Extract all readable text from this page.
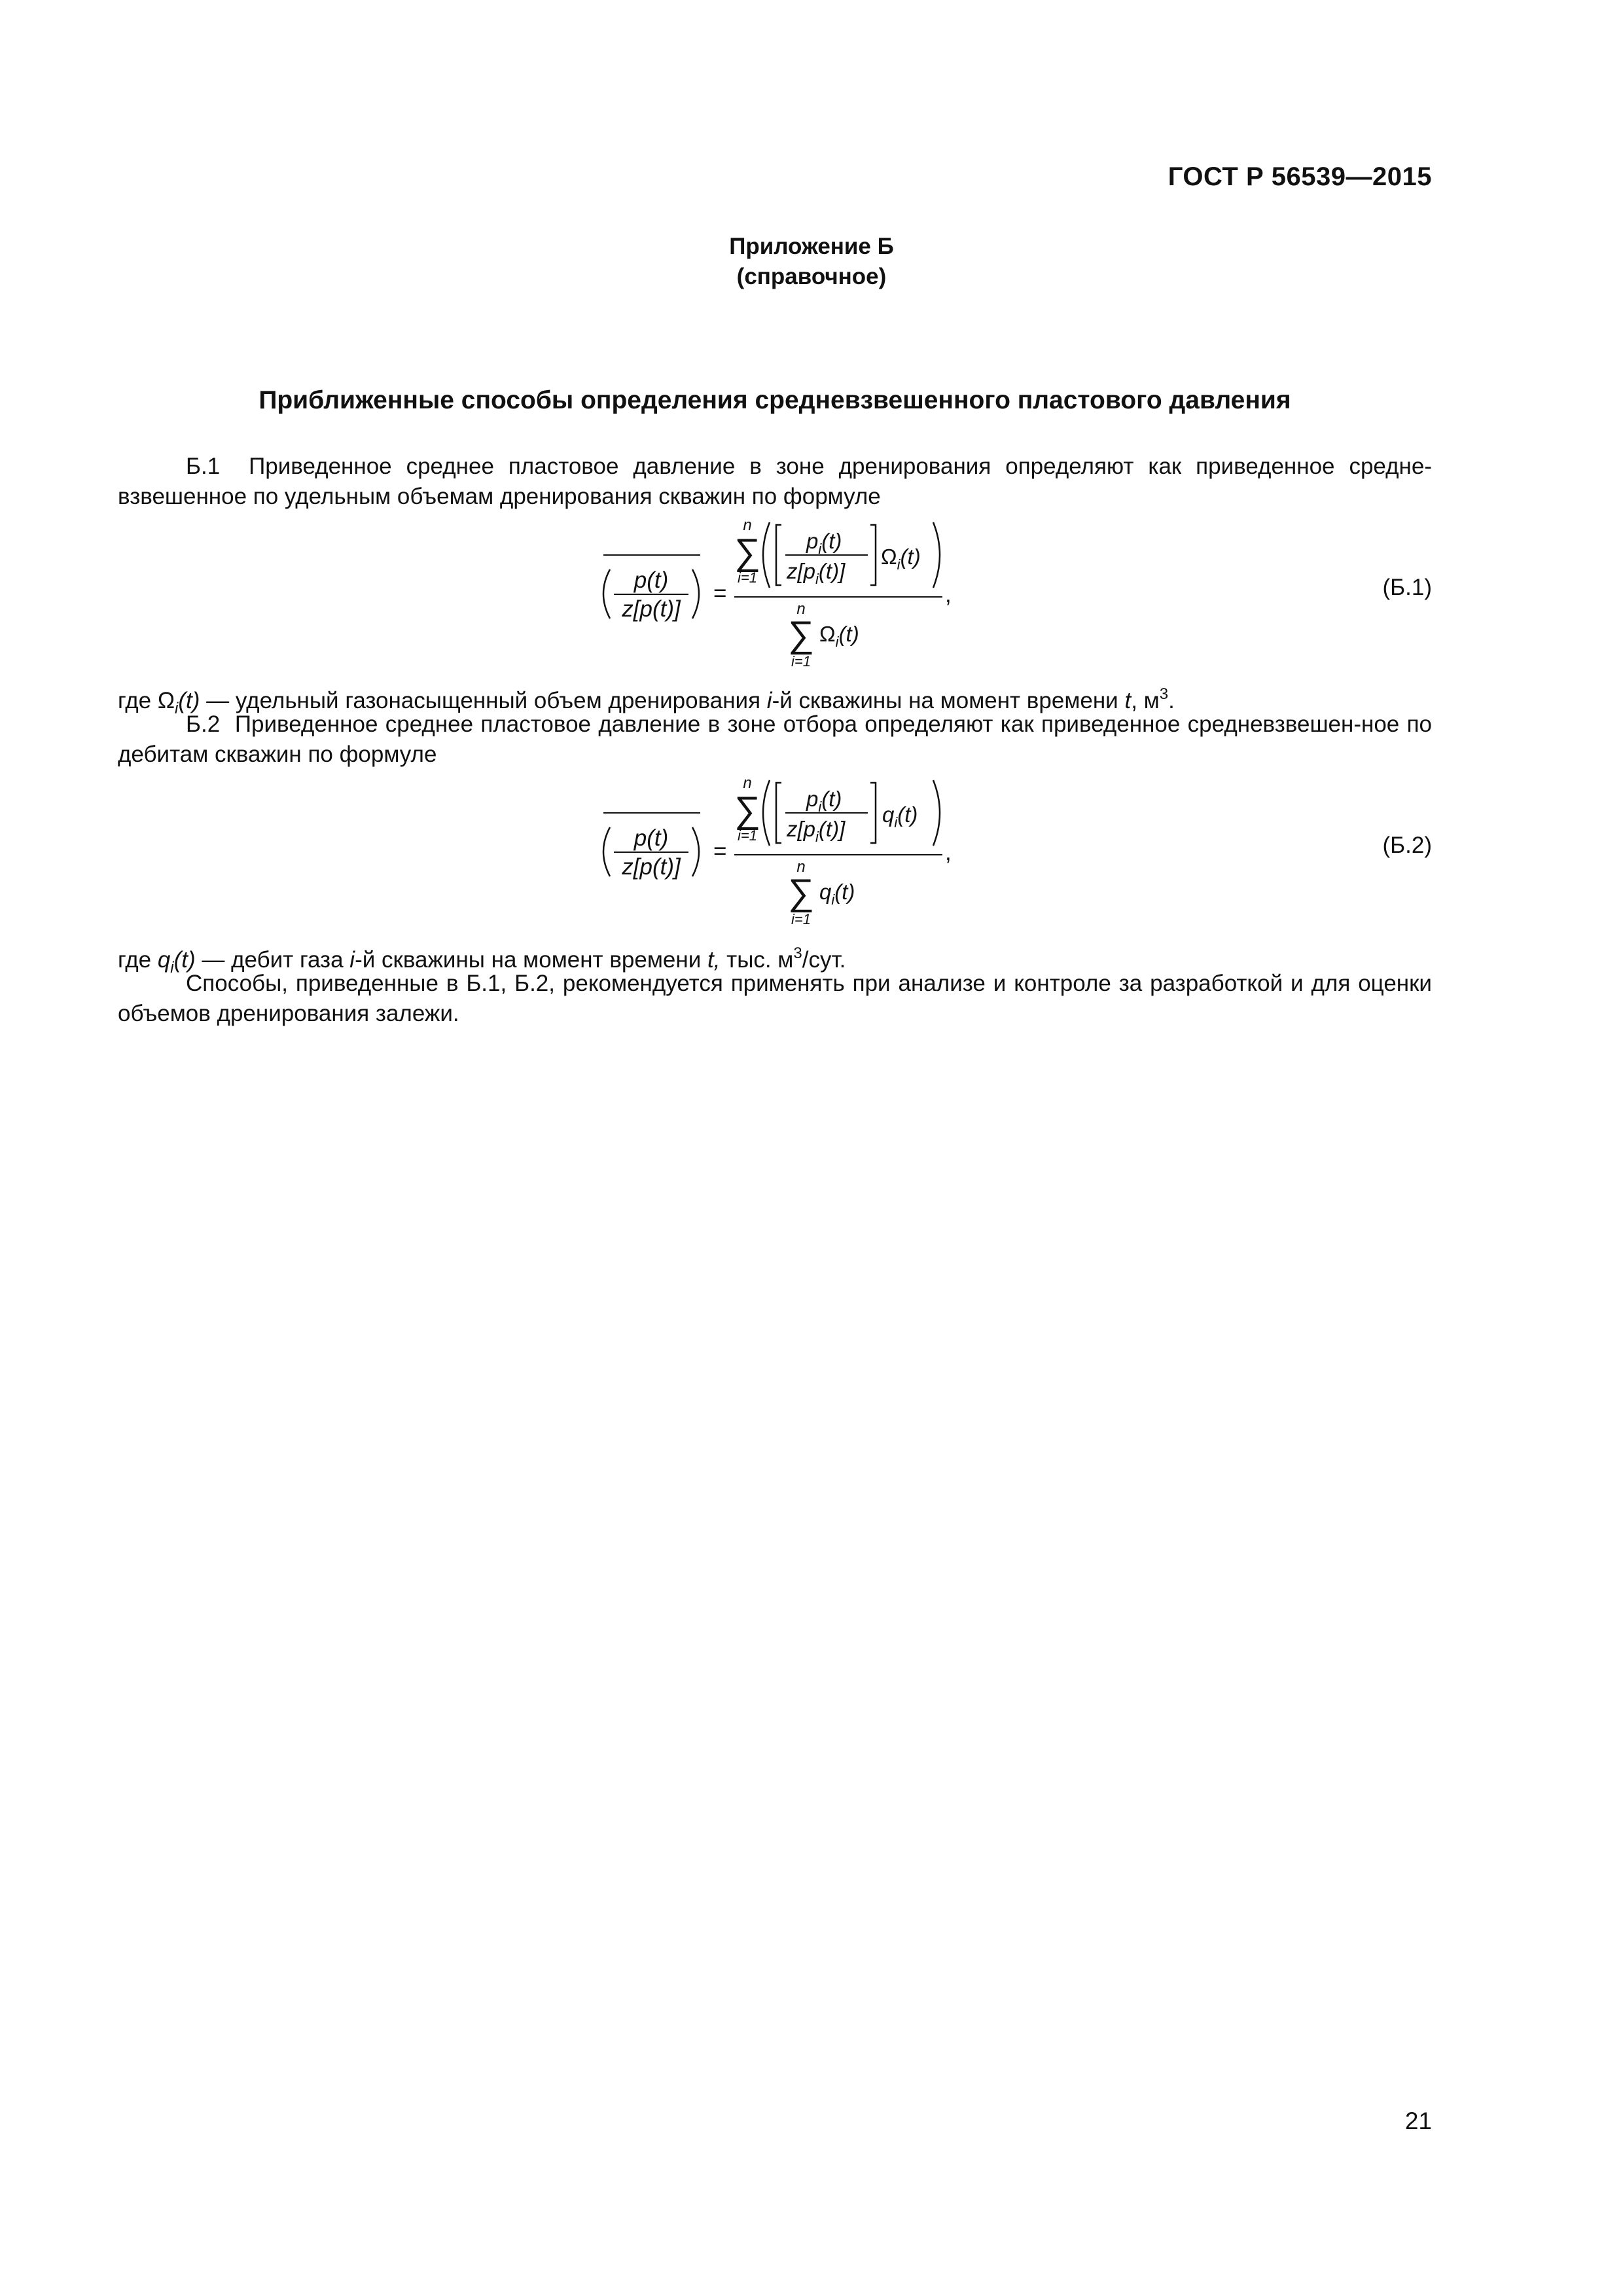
ГОСТ Р 56539—2015
Приложение Б
(справочное)
Приближенные способы определения средневзвешенного пластового давления
Б.1 Приведенное среднее пластовое давление в зоне дренирования определяют как приведенное средне-взвешенное по удельным объемам дренирования скважин по формуле
p(t)
z[p(t)]
=	,
n
∑
i=1
$p_i(t)$
$z[p_i(t)]$
$\Omega_i(t)$
n
∑
i=1
$\Omega_i(t)$
(Б.1)
где $\Omega_i(t)$ — удельный газонасыщенный объем дренирования i-й скважины на момент времени t, $м^3$.
Б.2 Приведенное среднее пластовое давление в зоне отбора определяют как приведенное средневзвешен-ное по дебитам скважин по формуле
p(t)
z[p(t)]
=	,
n
∑
i=1
$p_i(t)$
$z[p_i(t)]$
$q_i(t)$
n
∑
i=1
$q_i(t)$
(Б.2)
где $q_i(t)$ — дебит газа i-й скважины на момент времени t, тыс. $м^3$/сут.
Способы, приведенные в Б.1, Б.2, рекомендуется применять при анализе и контроле за разработкой и для оценки объемов дренирования залежи.
21
